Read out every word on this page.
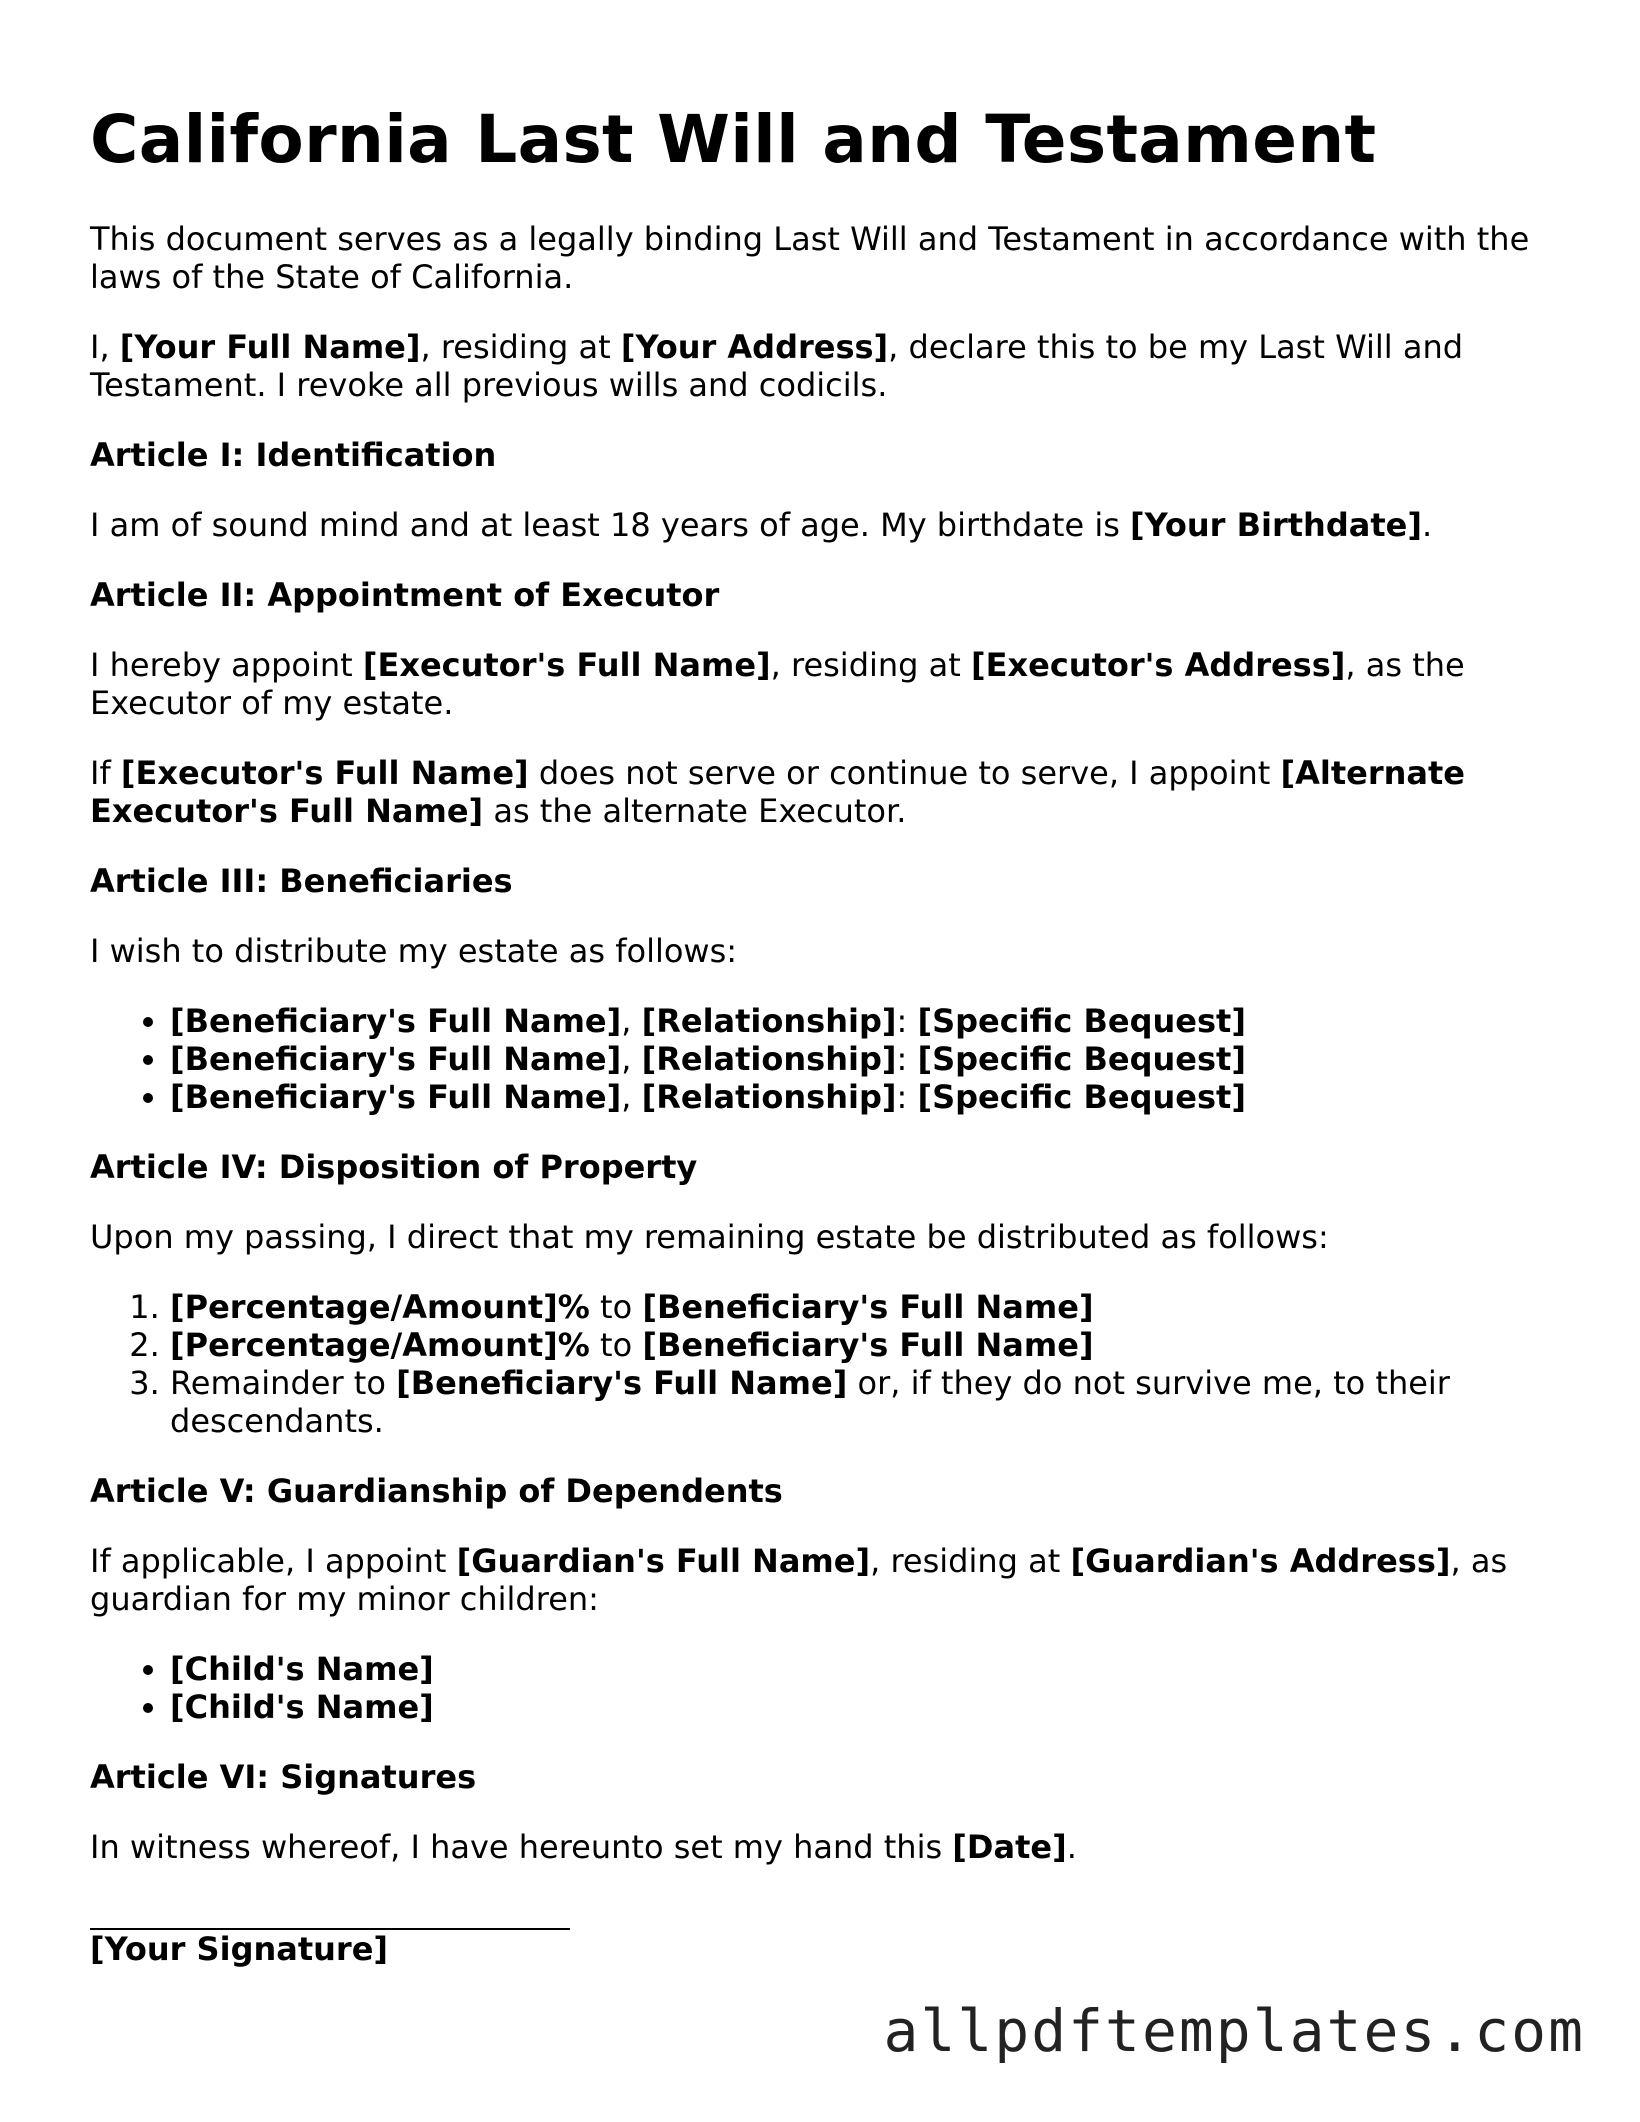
California Last Will and Testament

This document serves as a legally binding Last Will and Testament in accordance with the laws of the State of California.

I, [Your Full Name], residing at [Your Address], declare this to be my Last Will and Testament. I revoke all previous wills and codicils.

Article I: Identification

I am of sound mind and at least 18 years of age. My birthdate is [Your Birthdate].

Article II: Appointment of Executor

I hereby appoint [Executor's Full Name], residing at [Executor's Address], as the Executor of my estate.

If [Executor's Full Name] does not serve or continue to serve, I appoint [Alternate Executor's Full Name] as the alternate Executor.

Article III: Beneficiaries

I wish to distribute my estate as follows:

• [Beneficiary's Full Name], [Relationship]: [Specific Bequest]
• [Beneficiary's Full Name], [Relationship]: [Specific Bequest]
• [Beneficiary's Full Name], [Relationship]: [Specific Bequest]
Article IV: Disposition of Property

Upon my passing, I direct that my remaining estate be distributed as follows:

1. [Percentage/Amount]% to [Beneficiary's Full Name]
2. [Percentage/Amount]% to [Beneficiary's Full Name]
3. Remainder to [Beneficiary's Full Name] or, if they do not survive me, to their descendants.
Article V: Guardianship of Dependents

If applicable, I appoint [Guardian's Full Name], residing at [Guardian's Address], as guardian for my minor children:

• [Child's Name]
• [Child's Name]
Article VI: Signatures

In witness whereof, I have hereunto set my hand this [Date].

[Your Signature]
allpdftemplates.com
